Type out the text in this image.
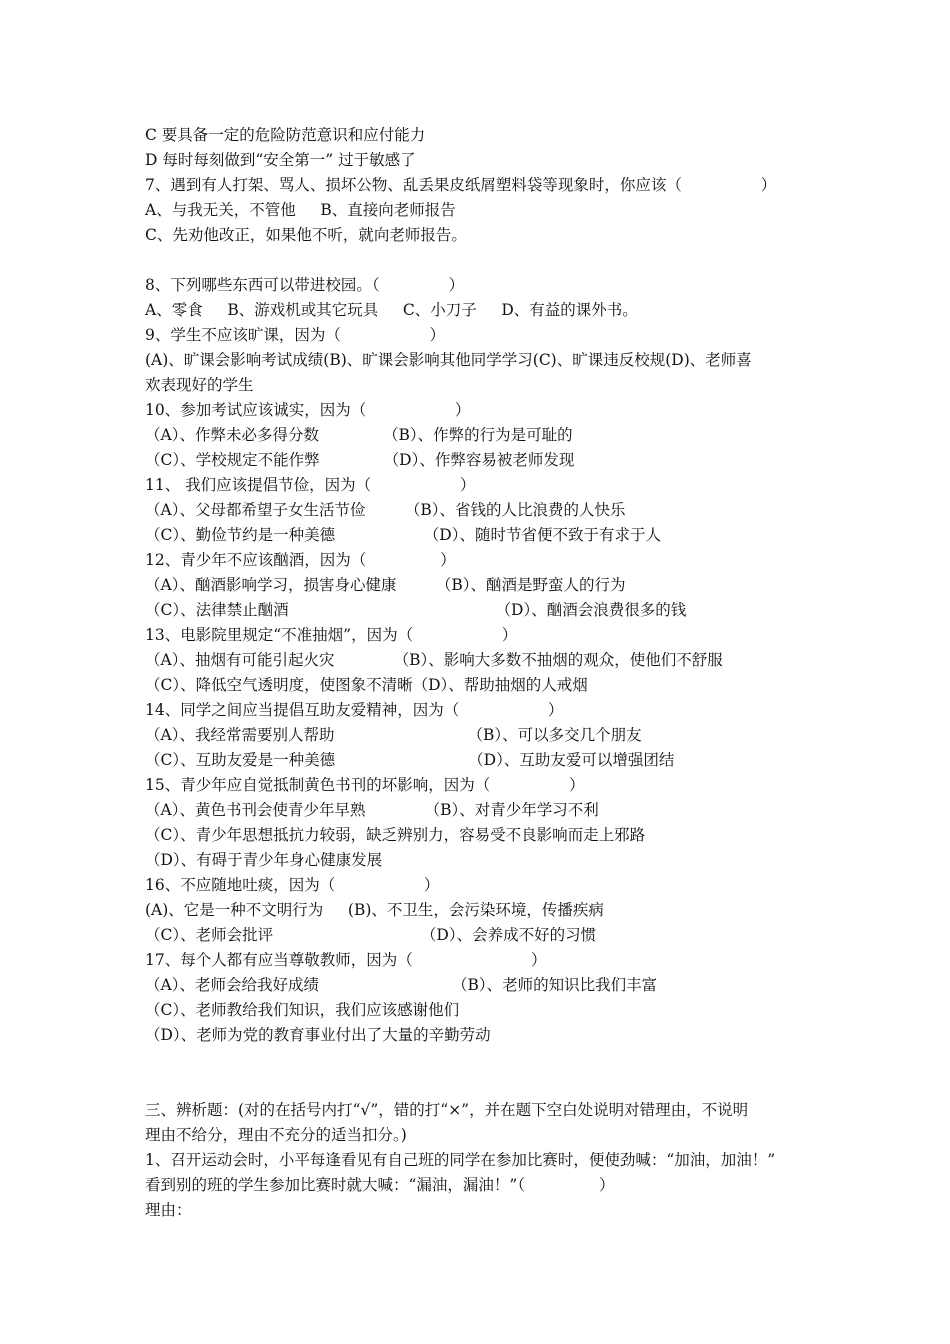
C 要具备一定的危险防范意识和应付能力
D 每时每刻做到“安全第一” 过于敏感了
7、遇到有人打架、骂人、损坏公物、乱丢果皮纸屑塑料袋等现象时，你应该（                ）
A、与我无关，不管他     B、直接向老师报告
C、先劝他改正，如果他不听，就向老师报告。
8、下列哪些东西可以带进校园。（              ）
A、零食     B、游戏机或其它玩具     C、小刀子     D、有益的课外书。
9、学生不应该旷课，因为（                  ）
(A)、旷课会影响考试成绩(B)、旷课会影响其他同学学习(C)、旷课违反校规(D)、老师喜
欢表现好的学生
10、参加考试应该诚实，因为（                  ）
（A）、作弊未必多得分数             （B）、作弊的行为是可耻的
（C）、学校规定不能作弊             （D）、作弊容易被老师发现
11、 我们应该提倡节俭，因为（                  ）
（A）、父母都希望子女生活节俭        （B）、省钱的人比浪费的人快乐
（C）、勤俭节约是一种美德                  （D）、随时节省便不致于有求于人
12、青少年不应该酗酒，因为（               ）
（A）、酗酒影响学习，损害身心健康        （B）、酗酒是野蛮人的行为
（C）、法律禁止酗酒                                          （D）、酗酒会浪费很多的钱
13、电影院里规定“不准抽烟”，因为（                  ）
（A）、抽烟有可能引起火灾            （B）、影响大多数不抽烟的观众，使他们不舒服
（C）、降低空气透明度，使图象不清晰（D）、帮助抽烟的人戒烟
14、同学之间应当提倡互助友爱精神，因为（                  ）
（A）、我经常需要别人帮助                           （B）、可以多交几个朋友
（C）、互助友爱是一种美德                           （D）、互助友爱可以增强团结
15、青少年应自觉抵制黄色书刊的坏影响，因为（                ）
（A）、黄色书刊会使青少年早熟            （B）、对青少年学习不利
（C）、青少年思想抵抗力较弱，缺乏辨别力，容易受不良影响而走上邪路
（D）、有碍于青少年身心健康发展
16、不应随地吐痰，因为（                  ）
(A)、它是一种不文明行为     (B)、不卫生，会污染环境，传播疾病
（C）、老师会批评                              （D）、会养成不好的习惯
17、每个人都有应当尊敬教师，因为（                        ）
（A）、老师会给我好成绩                           （B）、老师的知识比我们丰富
（C）、老师教给我们知识，我们应该感谢他们
（D）、老师为党的教育事业付出了大量的辛勤劳动
三、辨析题：(对的在括号内打“√”，错的打“×”，并在题下空白处说明对错理由，不说明
理由不给分，理由不充分的适当扣分。)
1、召开运动会时，小平每逢看见有自己班的同学在参加比赛时，便使劲喊：“加油，加油！”
看到别的班的学生参加比赛时就大喊：“漏油，漏油！”（               ）
理由：
